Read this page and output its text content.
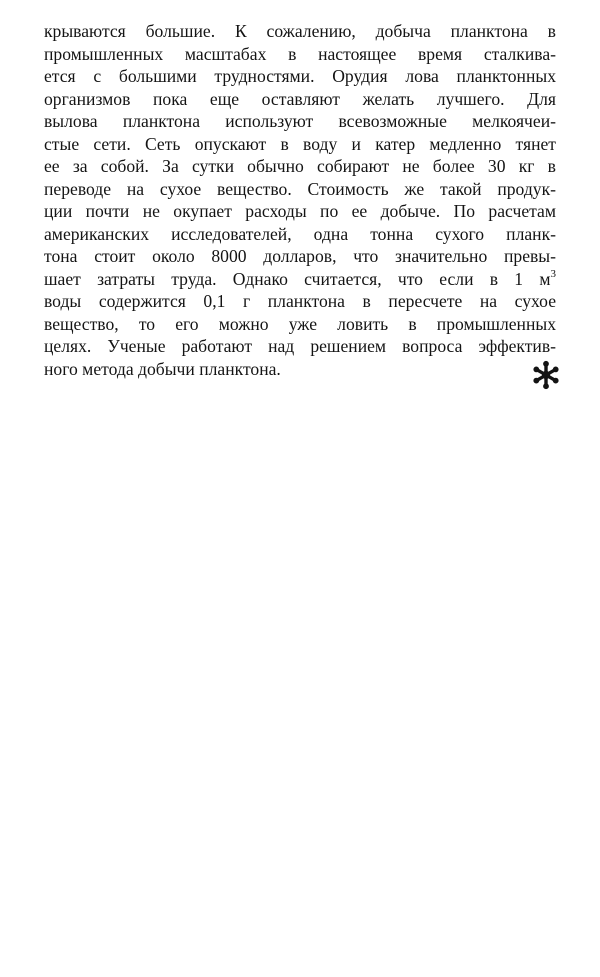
крываются большие. К сожалению, добыча планктона в
промышленных масштабах в настоящее время сталкива-
ется с большими трудностями. Орудия лова планктонных
организмов пока еще оставляют желать лучшего. Для
вылова планктона используют всевозможные мелкоячеи-
стые сети. Сеть опускают в воду и катер медленно тянет
ее за собой. За сутки обычно собирают не более 30 кг в
переводе на сухое вещество. Стоимость же такой продук-
ции почти не окупает расходы по ее добыче. По расчетам
американских исследователей, одна тонна сухого планк-
тона стоит около 8000 долларов, что значительно превы-
шает затраты труда. Однако считается, что если в 1 $м^3$
воды содержится 0,1 г планктона в пересчете на сухое
вещество, то его можно уже ловить в промышленных
целях. Ученые работают над решением вопроса эффектив-
ного метода добычи планктона.
